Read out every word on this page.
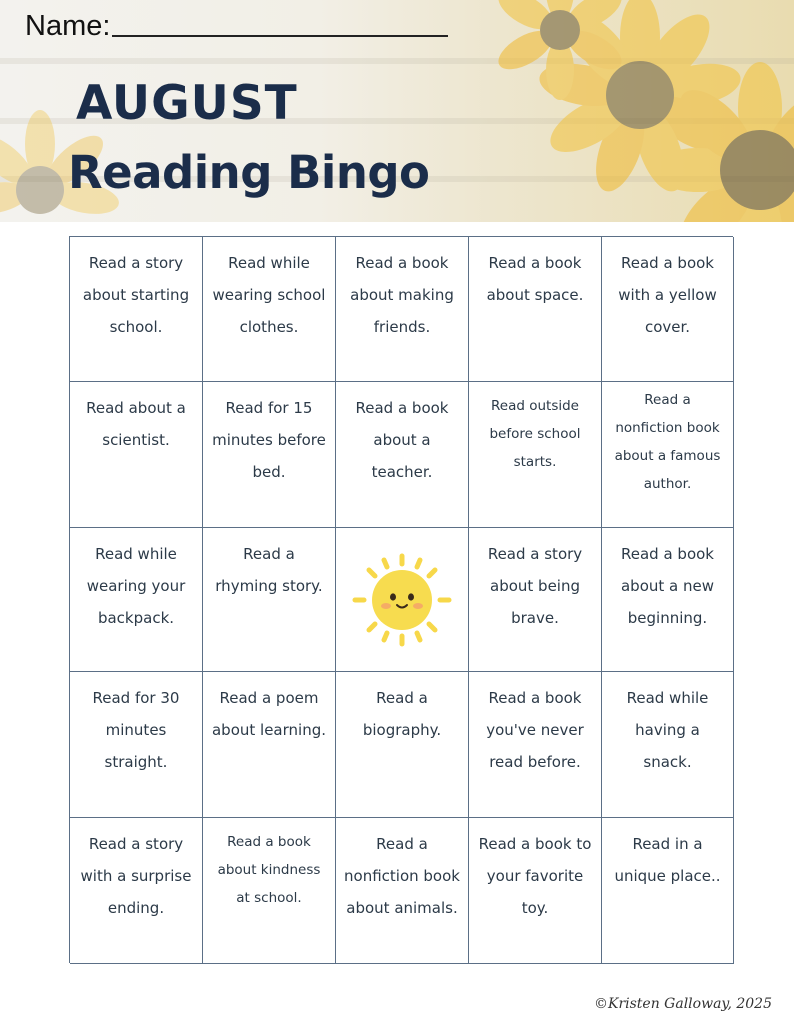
Name:
AUGUST
Reading Bingo
Read a story about starting school.
Read while wearing school clothes.
Read a book about making friends.
Read a book about space.
Read a book with a yellow cover.
Read about a scientist.
Read for 15 minutes before bed.
Read a book about a teacher.
Read outside before school starts.
Read a nonfiction book about a famous author.
Read while wearing your backpack.
Read a rhyming story.
Read a story about being brave.
Read a book about a new beginning.
Read for 30 minutes straight.
Read a poem about learning.
Read a biography.
Read a book you've never read before.
Read while having a snack.
Read a story with a surprise ending.
Read a book about kindness at school.
Read a nonfiction book about animals.
Read a book to your favorite toy.
Read in a unique place..
©Kristen Galloway, 2025
